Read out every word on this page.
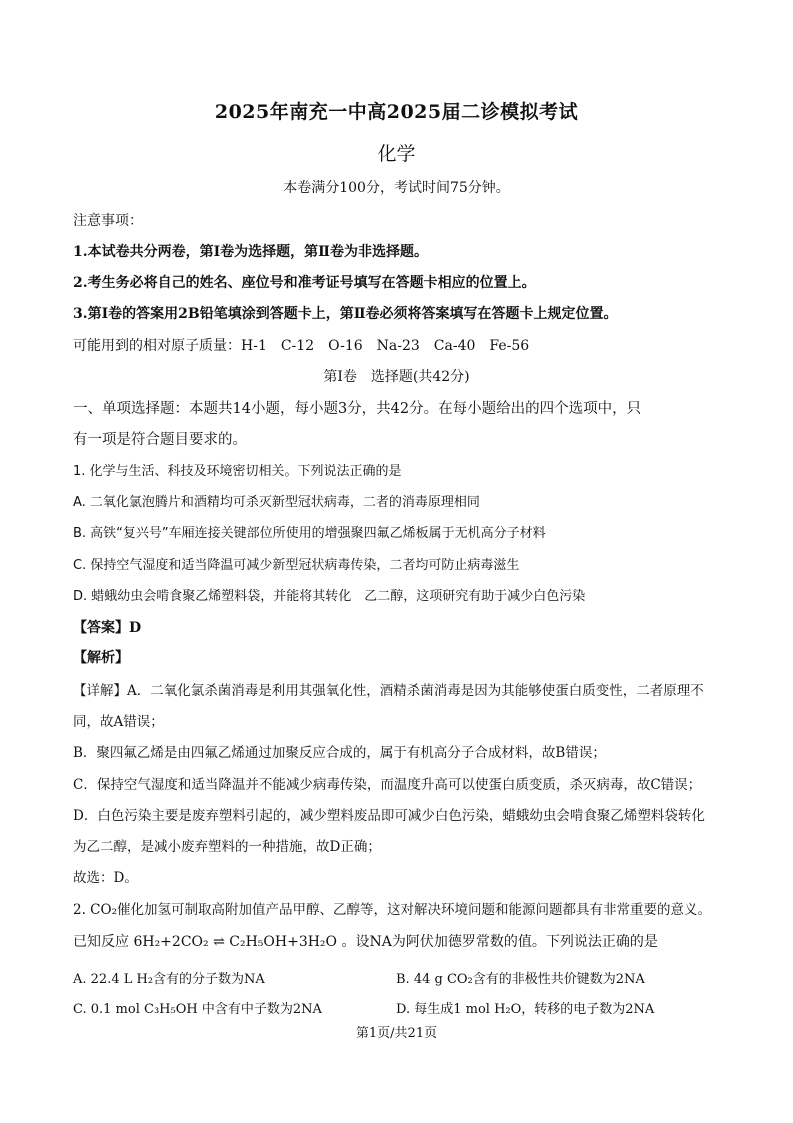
2025年南充一中高2025届二诊模拟考试
化学
本卷满分100分，考试时间75分钟。
注意事项：
1.本试卷共分两卷，第Ⅰ卷为选择题，第Ⅱ卷为非选择题。
2.考生务必将自己的姓名、座位号和准考证号填写在答题卡相应的位置上。
3.第Ⅰ卷的答案用2B铅笔填涂到答题卡上，第Ⅱ卷必须将答案填写在答题卡上规定位置。
可能用到的相对原子质量：H-1　C-12　O-16　Na-23　Ca-40　Fe-56
第Ⅰ卷　选择题(共42分)
一、单项选择题：本题共14小题，每小题3分，共42分。在每小题给出的四个选项中，只
有一项是符合题目要求的。
1. 化学与生活、科技及环境密切相关。下列说法正确的是
A. 二氧化氯泡腾片和酒精均可杀灭新型冠状病毒，二者的消毒原理相同
B. 高铁“复兴号”车厢连接关键部位所使用的增强聚四氟乙烯板属于无机高分子材料
C. 保持空气湿度和适当降温可减少新型冠状病毒传染，二者均可防止病毒滋生
D. 蜡蛾幼虫会啃食聚乙烯塑料袋，并能将其转化　乙二醇，这项研究有助于减少白色污染
【答案】D
【解析】
【详解】A．二氧化氯杀菌消毒是利用其强氧化性，酒精杀菌消毒是因为其能够使蛋白质变性，二者原理不
同，故A错误；
B．聚四氟乙烯是由四氟乙烯通过加聚反应合成的，属于有机高分子合成材料，故B错误；
C．保持空气湿度和适当降温并不能减少病毒传染，而温度升高可以使蛋白质变质，杀灭病毒，故C错误；
D．白色污染主要是废弃塑料引起的，减少塑料废品即可减少白色污染，蜡蛾幼虫会啃食聚乙烯塑料袋转化
为乙二醇，是减小废弃塑料的一种措施，故D正确；
故选：D。
2. CO₂催化加氢可制取高附加值产品甲醇、乙醇等，这对解决环境问题和能源问题都具有非常重要的意义。
已知反应 6H₂+2CO₂ ⇌ C₂H₅OH+3H₂O 。设NA为阿伏加德罗常数的值。下列说法正确的是
A. 22.4 L H₂含有的分子数为NA	B. 44 g CO₂含有的非极性共价键数为2NA
C. 0.1 mol C₃H₅OH 中含有中子数为2NA	D. 每生成1 mol H₂O，转移的电子数为2NA
第1页/共21页
